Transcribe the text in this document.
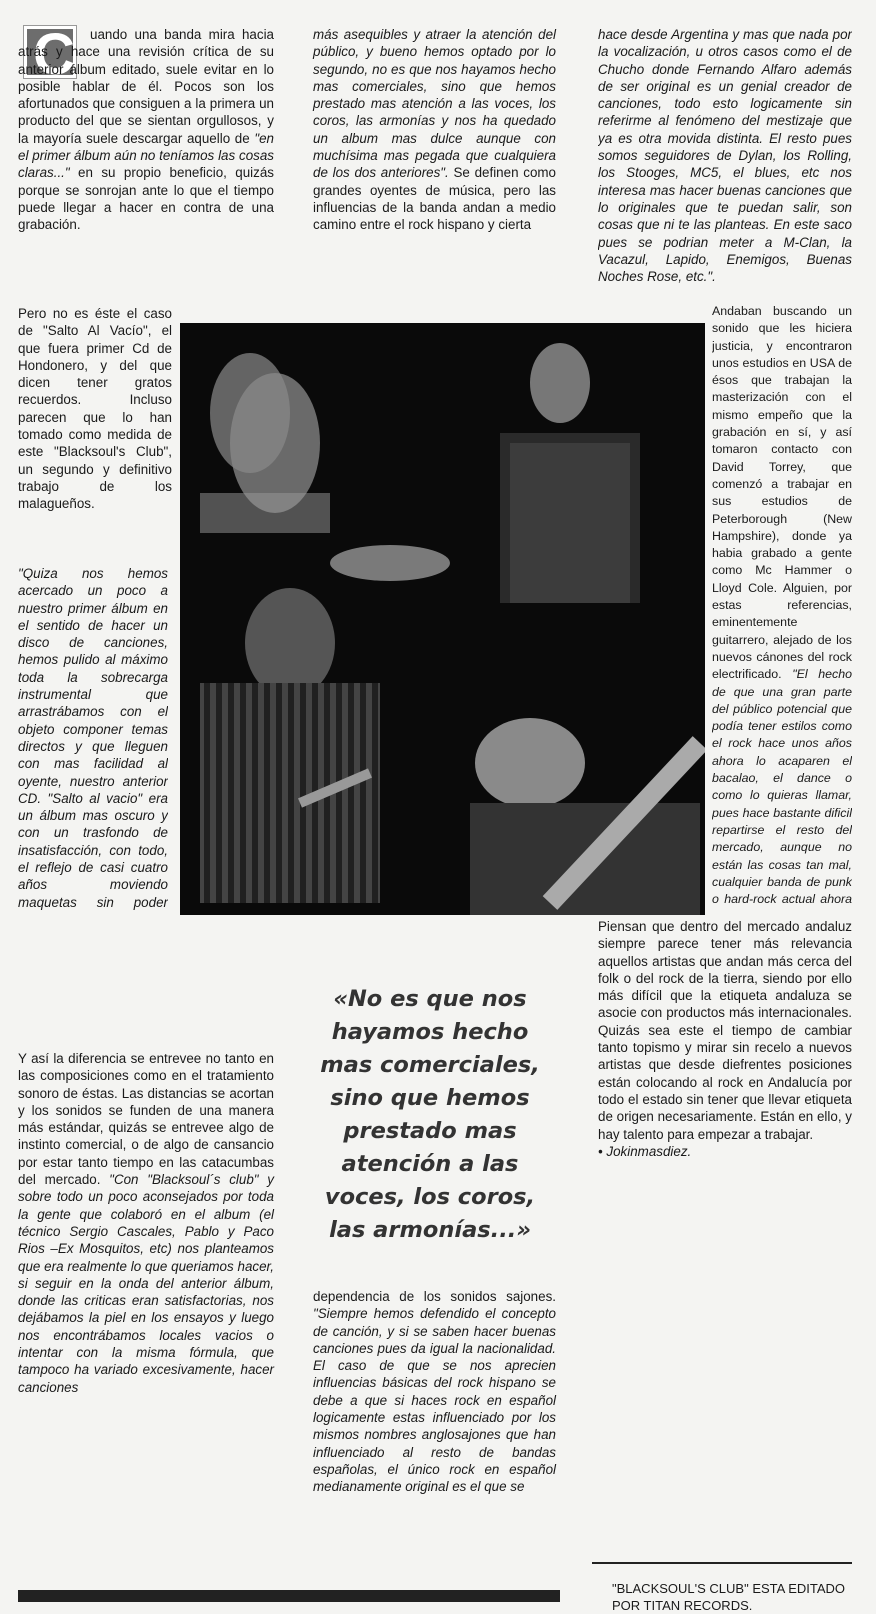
C	uando una banda mira hacia atrás y hace una revisión crítica de su anterior álbum editado, suele evitar en lo posible hablar de él. Pocos son los afortunados que consiguen a la primera un producto del que se sientan orgullosos, y la mayoría suele descargar aquello de "en el primer álbum aún no teníamos las cosas claras..." en su propio beneficio, quizás porque se sonrojan ante lo que el tiempo puede llegar a hacer en contra de una grabación.

Pero no es éste el caso de "Salto Al Vacío", el que fuera primer Cd de Hondonero, y del que dicen tener gratos recuerdos. Incluso parecen que lo han tomado como medida de este "Blacksoul's Club", un segundo y definitivo trabajo de los malagueños.

"Quiza nos hemos acercado un poco a nuestro primer álbum en el sentido de hacer un disco de canciones, hemos pulido al máximo toda la sobrecarga instrumental que arrastrábamos con el objeto componer temas directos y que lleguen con mas facilidad al oyente, nuestro anterior CD. "Salto al vacio" era un álbum mas oscuro y con un trasfondo de insatisfacción, con todo, el reflejo de casi cuatro años moviendo maquetas sin poder

Y así la diferencia se entrevee no tanto en las composiciones como en el tratamiento sonoro de éstas. Las distancias se acortan y los sonidos se funden de una manera más estándar, quizás se entrevee algo de instinto comercial, o de algo de cansancio por estar tanto tiempo en las catacumbas del mercado. "Con "Blacksoul´s club" y sobre todo un poco aconsejados por toda la gente que colaboró en el album (el técnico Sergio Cascales, Pablo y Paco Rios –Ex Mosquitos, etc) nos planteamos que era realmente lo que queriamos hacer, si seguir en la onda del anterior álbum, donde las criticas eran satisfactorias, nos dejábamos la piel en los ensayos y luego nos encontrábamos locales vacios o intentar con la misma fórmula, que tampoco ha variado excesivamente, hacer canciones

más asequibles y atraer la atención del público, y bueno hemos optado por lo segundo, no es que nos hayamos hecho mas comerciales, sino que hemos prestado mas atención a las voces, los coros, las armonías y nos ha quedado un album mas dulce aunque con muchísima mas pegada que cualquiera de los dos anteriores". Se definen como grandes oyentes de música, pero las influencias de la banda andan a medio camino entre el rock hispano y cierta

hace desde Argentina y mas que nada por la vocalización, u otros casos como el de Chucho donde Fernando Alfaro además de ser original es un genial creador de canciones, todo esto logicamente sin referirme al fenómeno del mestizaje que ya es otra movida distinta. El resto pues somos seguidores de Dylan, los Rolling, los Stooges, MC5, el blues, etc nos interesa mas hacer buenas canciones que lo originales que te puedan salir, son cosas que ni te las planteas. En este saco pues se podrian meter a M-Clan, la Vacazul, Lapido, Enemigos, Buenas Noches Rose, etc.".

Andaban buscando un sonido que les hiciera justicia, y encontraron unos estudios en USA de ésos que trabajan la masterización con el mismo empeño que la grabación en sí, y así tomaron contacto con David Torrey, que comenzó a trabajar en sus estudios de Peterborough (New Hampshire), donde ya habia grabado a gente como Mc Hammer o Lloyd Cole. Alguien, por estas referencias, eminentemente guitarrero, alejado de los nuevos cánones del rock electrificado. "El hecho de que una gran parte del público potencial que podía tener estilos como el rock hace unos años ahora lo acaparen el bacalao, el dance o como lo quieras llamar, pues hace bastante dificil repartirse el resto del mercado, aunque no están las cosas tan mal, cualquier banda de punk o hard-rock actual ahora

Piensan que dentro del mercado andaluz siempre parece tener más relevancia aquellos artistas que andan más cerca del folk o del rock de la tierra, siendo por ello más difícil que la etiqueta andaluza se asocie con productos más internacionales. Quizás sea este el tiempo de cambiar tanto topismo y mirar sin recelo a nuevos artistas que desde diefrentes posiciones están colocando al rock en Andalucía por todo el estado sin tener que llevar etiqueta de origen necesariamente. Están en ello, y hay talento para empezar a trabajar.

• Jokinmasdiez.

«No es que nos hayamos hecho mas comerciales, sino que hemos prestado mas atención a las voces, los coros, las armonías...»

dependencia de los sonidos sajones. "Siempre hemos defendido el concepto de canción, y si se saben hacer buenas canciones pues da igual la nacionalidad. El caso de que se nos aprecien influencias básicas del rock hispano se debe a que si haces rock en español logicamente estas influenciado por los mismos nombres anglosajones que han influenciado al resto de bandas españolas, el único rock en español medianamente original es el que se

"BLACKSOUL'S CLUB" ESTA EDITADO POR TITAN RECORDS.
